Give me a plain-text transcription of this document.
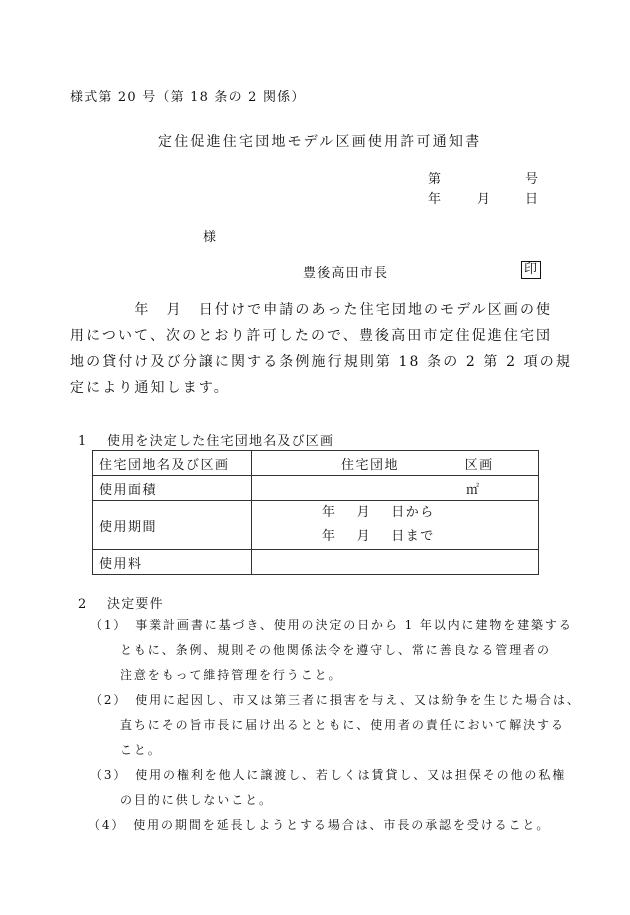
様式第 20 号（第 18 条の 2 関係）
定住促進住宅団地モデル区画使用許可通知書
第	号
年	月	日
様
豊後高田市長	印
　　　　年　月　日付けで申請のあった住宅団地のモデル区画の使
用について、次のとおり許可したので、豊後高田市定住促進住宅団
地の貸付け及び分譲に関する条例施行規則第 18 条の 2 第 2 項の規
定により通知します。
1　 使用を決定した住宅団地名及び区画
住宅団地名及び区画	住宅団地 区画
使用面積	㎡
使用期間	年　 月　 日から
年　 月　 日まで

使用料	
2　 決定要件
（1）　事業計画書に基づき、使用の決定の日から 1 年以内に建物を建築する
ともに、条例、規則その他関係法令を遵守し、常に善良なる管理者の
注意をもって維持管理を行うこと。
（2）　使用に起因し、市又は第三者に損害を与え、又は紛争を生じた場合は、
直ちにその旨市長に届け出るとともに、使用者の責任において解決する
こと。
（3）　使用の権利を他人に譲渡し、若しくは賃貸し、又は担保その他の私権
の目的に供しないこと。
（4）　使用の期間を延長しようとする場合は、市長の承認を受けること。
